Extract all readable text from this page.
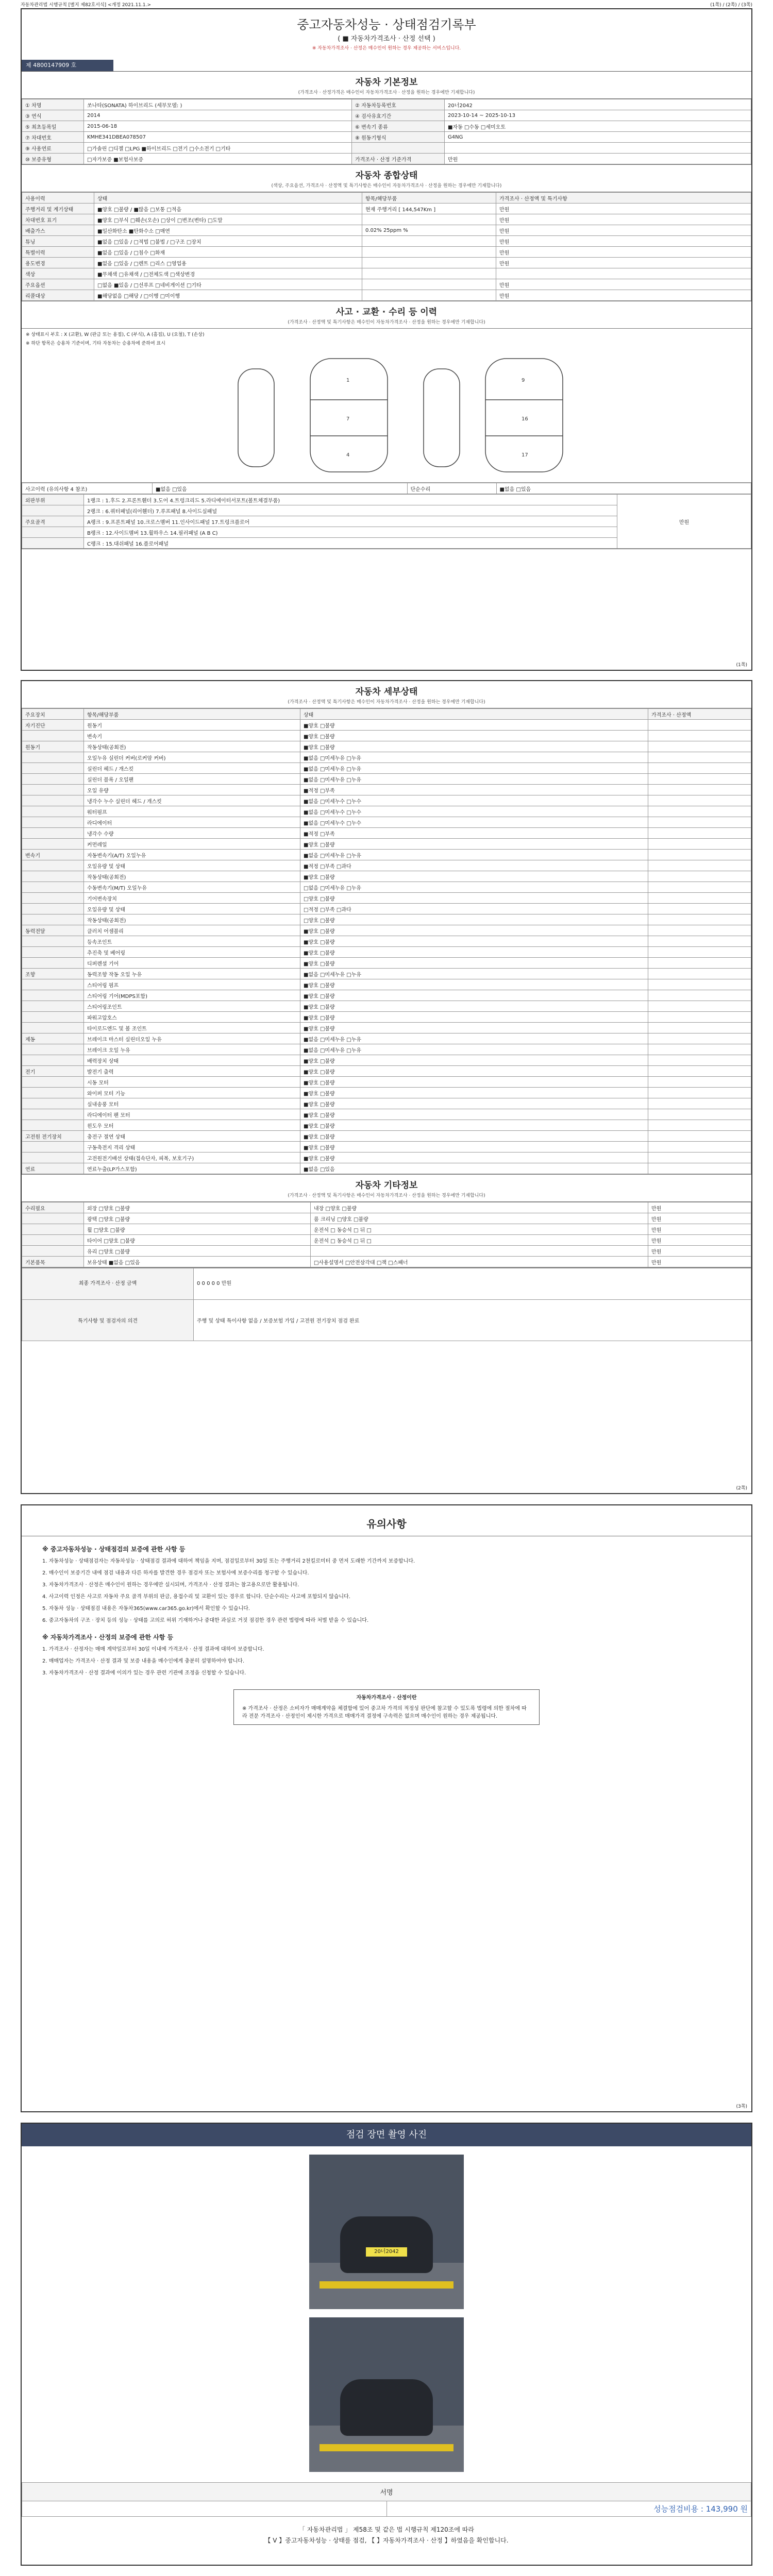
자동차관리법 시행규칙 [별지 제82호서식] <개정 2021.11.1.>	(1쪽) / (2쪽) / (3쪽)
중고자동차성능 · 상태점검기록부
( ■ 자동차가격조사 · 산정 선택 )
※ 자동차가격조사 · 산정은 매수인이 원하는 경우 제공하는 서비스입니다.
제 4800147909 호
자동차 기본정보
(가격조사 · 산정가격은 매수인이 자동차가격조사 · 산정을 원하는 경우에만 기재합니다)
① 차명	쏘나타(SONATA) 하이브리드 (세부모델: )	② 자동차등록번호	20너2042
③ 연식	2014	④ 검사유효기간	2023-10-14 ~ 2025-10-13
⑤ 최초등록일	2015-06-18	⑥ 변속기 종류	■자동 □수동 □세미오토
⑦ 차대번호	KMHE341DBEA078507	⑧ 원동기형식	G4NG
⑨ 사용연료	□가솔린 □디젤 □LPG ■하이브리드 □전기 □수소전기 □기타		
⑩ 보증유형	□자가보증 ■보험사보증	가격조사 · 산정 기준가격	만원
자동차 종합상태
(색상, 주요옵션, 가격조사 · 산정액 및 특기사항은 매수인이 자동차가격조사 · 산정을 원하는 경우에만 기재합니다)
사용이력	상태	항목/해당부품	가격조사 · 산정액 및 특기사항
주행거리 및 계기상태	■양호 □불량 / ■많음 □보통 □적음	현재 주행거리 [ 144,547Km ]	만원
차대번호 표기	■양호 □부식 □훼손(오손) □상이 □변조(변타) □도말		만원
배출가스	■일산화탄소 ■탄화수소 □매연	0.02% 25ppm %	만원
튜닝	■없음 □있음 / □적법 □불법 / □구조 □장치		만원
특별이력	■없음 □있음 / □침수 □화재		만원
용도변경	■없음 □있음 / □렌트 □리스 □영업용		만원
색상	■무채색 □유채색 / □전체도색 □색상변경		
주요옵션	□없음 ■있음 / □선루프 □네비게이션 □기타		만원
리콜대상	■해당없음 □해당 / □이행 □미이행		만원
사고 · 교환 · 수리 등 이력
(가격조사 · 산정액 및 특기사항은 매수인이 자동차가격조사 · 산정을 원하는 경우에만 기재합니다)
※ 상태표시 부호 : X (교환), W (판금 또는 용접), C (부식), A (흠집), U (요철), T (손상)
※ 하단 항목은 승용차 기준이며, 기타 자동차는 승용차에 준하여 표시
1
7
4
9
16
17
사고이력 (유의사항 4 참조)	■없음 □있음	단순수리	■없음 □있음
외판부위	1랭크 : 1.후드 2.프론트휀더 3.도어 4.트렁크리드 5.라디에이터서포트(볼트체결부품)	만원
	2랭크 : 6.쿼터패널(리어휀더) 7.루프패널 8.사이드실패널	
주요골격	A랭크 : 9.프론트패널 10.크로스멤버 11.인사이드패널 17.트렁크플로어	
	B랭크 : 12.사이드멤버 13.휠하우스 14.필러패널 (A B C)	
	C랭크 : 15.대쉬패널 16.플로어패널	
(1쪽)
자동차 세부상태
(가격조사 · 산정액 및 특기사항은 매수인이 자동차가격조사 · 산정을 원하는 경우에만 기재합니다)
주요장치	항목/해당부품	상태	가격조사 · 산정액
자기진단	원동기	■양호 □불량	
	변속기	■양호 □불량	
원동기	작동상태(공회전)	■양호 □불량	
	오일누유 실린더 커버(로커암 커버)	■없음 □미세누유 □누유	
	실린더 헤드 / 개스킷	■없음 □미세누유 □누유	
	실린더 블록 / 오일팬	■없음 □미세누유 □누유	
	오일 유량	■적정 □부족	
	냉각수 누수 실린더 헤드 / 개스킷	■없음 □미세누수 □누수	
	워터펌프	■없음 □미세누수 □누수	
	라디에이터	■없음 □미세누수 □누수	
	냉각수 수량	■적정 □부족	
	커먼레일	■양호 □불량	
변속기	자동변속기(A/T) 오일누유	■없음 □미세누유 □누유	
	오일유량 및 상태	■적정 □부족 □과다	
	작동상태(공회전)	■양호 □불량	
	수동변속기(M/T) 오일누유	□없음 □미세누유 □누유	
	기어변속장치	□양호 □불량	
	오일유량 및 상태	□적정 □부족 □과다	
	작동상태(공회전)	□양호 □불량	
동력전달	클러치 어셈블리	■양호 □불량	
	등속조인트	■양호 □불량	
	추진축 및 베어링	■양호 □불량	
	디퍼렌셜 기어	■양호 □불량	
조향	동력조향 작동 오일 누유	■없음 □미세누유 □누유	
	스티어링 펌프	■양호 □불량	
	스티어링 기어(MDPS포함)	■양호 □불량	
	스티어링조인트	■양호 □불량	
	파워고압호스	■양호 □불량	
	타이로드엔드 및 볼 조인트	■양호 □불량	
제동	브레이크 마스터 실린더오일 누유	■없음 □미세누유 □누유	
	브레이크 오일 누유	■없음 □미세누유 □누유	
	배력장치 상태	■양호 □불량	
전기	발전기 출력	■양호 □불량	
	시동 모터	■양호 □불량	
	와이퍼 모터 기능	■양호 □불량	
	실내송풍 모터	■양호 □불량	
	라디에이터 팬 모터	■양호 □불량	
	윈도우 모터	■양호 □불량	
고전원 전기장치	충전구 절연 상태	■양호 □불량	
	구동축전지 격리 상태	■양호 □불량	
	고전원전기배선 상태(접속단자, 피복, 보호기구)	■양호 □불량	
연료	연료누출(LP가스포함)	■없음 □있음	
자동차 기타정보
(가격조사 · 산정액 및 특기사항은 매수인이 자동차가격조사 · 산정을 원하는 경우에만 기재합니다)
수리필요	외장 □양호 □불량	내장 □양호 □불량	만원
	광택 □양호 □불량	룸 크리닝 □양호 □불량	만원
	휠 □양호 □불량	운전석 □ 동승석 □ 뒤 □	만원
	타이어 □양호 □불량	운전석 □ 동승석 □ 뒤 □	만원
	유리 □양호 □불량		만원
기본품목	보유상태 ■없음 □있음	□사용설명서 □안전삼각대 □잭 □스패너	만원
최종 가격조사 · 산정 금액	0 0 0 0 0 만원
특기사항 및 점검자의 의견	주행 및 상태 특이사항 없음 / 보증보험 가입 / 고전원 전기장치 점검 완료
(2쪽)
유의사항
※ 중고자동차성능 · 상태점검의 보증에 관한 사항 등

1. 자동차성능 · 상태점검자는 자동차성능 · 상태점검 결과에 대하여 책임을 지며, 점검일로부터 30일 또는 주행거리 2천킬로미터 중 먼저 도래한 기간까지 보증합니다.

2. 매수인이 보증기간 내에 점검 내용과 다른 하자를 발견한 경우 점검자 또는 보험사에 보증수리를 청구할 수 있습니다.

3. 자동차가격조사 · 산정은 매수인이 원하는 경우에만 실시되며, 가격조사 · 산정 결과는 참고용으로만 활용됩니다.

4. 사고이력 인정은 사고로 자동차 주요 골격 부위의 판금, 용접수리 및 교환이 있는 경우로 합니다. 단순수리는 사고에 포함되지 않습니다.

5. 자동차 성능 · 상태점검 내용은 자동차365(www.car365.go.kr)에서 확인할 수 있습니다.

6. 중고자동차의 구조 · 장치 등의 성능 · 상태를 고의로 허위 기재하거나 중대한 과실로 거짓 점검한 경우 관련 법령에 따라 처벌 받을 수 있습니다.

※ 자동차가격조사 · 산정의 보증에 관한 사항 등

1. 가격조사 · 산정자는 매매 계약일로부터 30일 이내에 가격조사 · 산정 결과에 대하여 보증합니다.

2. 매매업자는 가격조사 · 산정 결과 및 보증 내용을 매수인에게 충분히 설명하여야 합니다.

3. 자동차가격조사 · 산정 결과에 이의가 있는 경우 관련 기관에 조정을 신청할 수 있습니다.

자동차가격조사 · 산정이란
※ 가격조사 · 산정은 소비자가 매매계약을 체결함에 있어 중고차 가격의 적정성 판단에 참고할 수 있도록 법령에 의한 절차에 따라 전문 가격조사 · 산정인이 제시한 가격으로 매매가격 결정에 구속력은 없으며 매수인이 원하는 경우 제공됩니다.
(3쪽)
점검 장면 촬영 사진
20너2042
서명
	성능점검비용 : 143,990 원
「 자동차관리법 」 제58조 및 같은 법 시행규칙 제120조에 따라
【 V 】중고자동차성능 · 상태를 점검, 【 】자동차가격조사 · 산정 】하였음을 확인합니다.
